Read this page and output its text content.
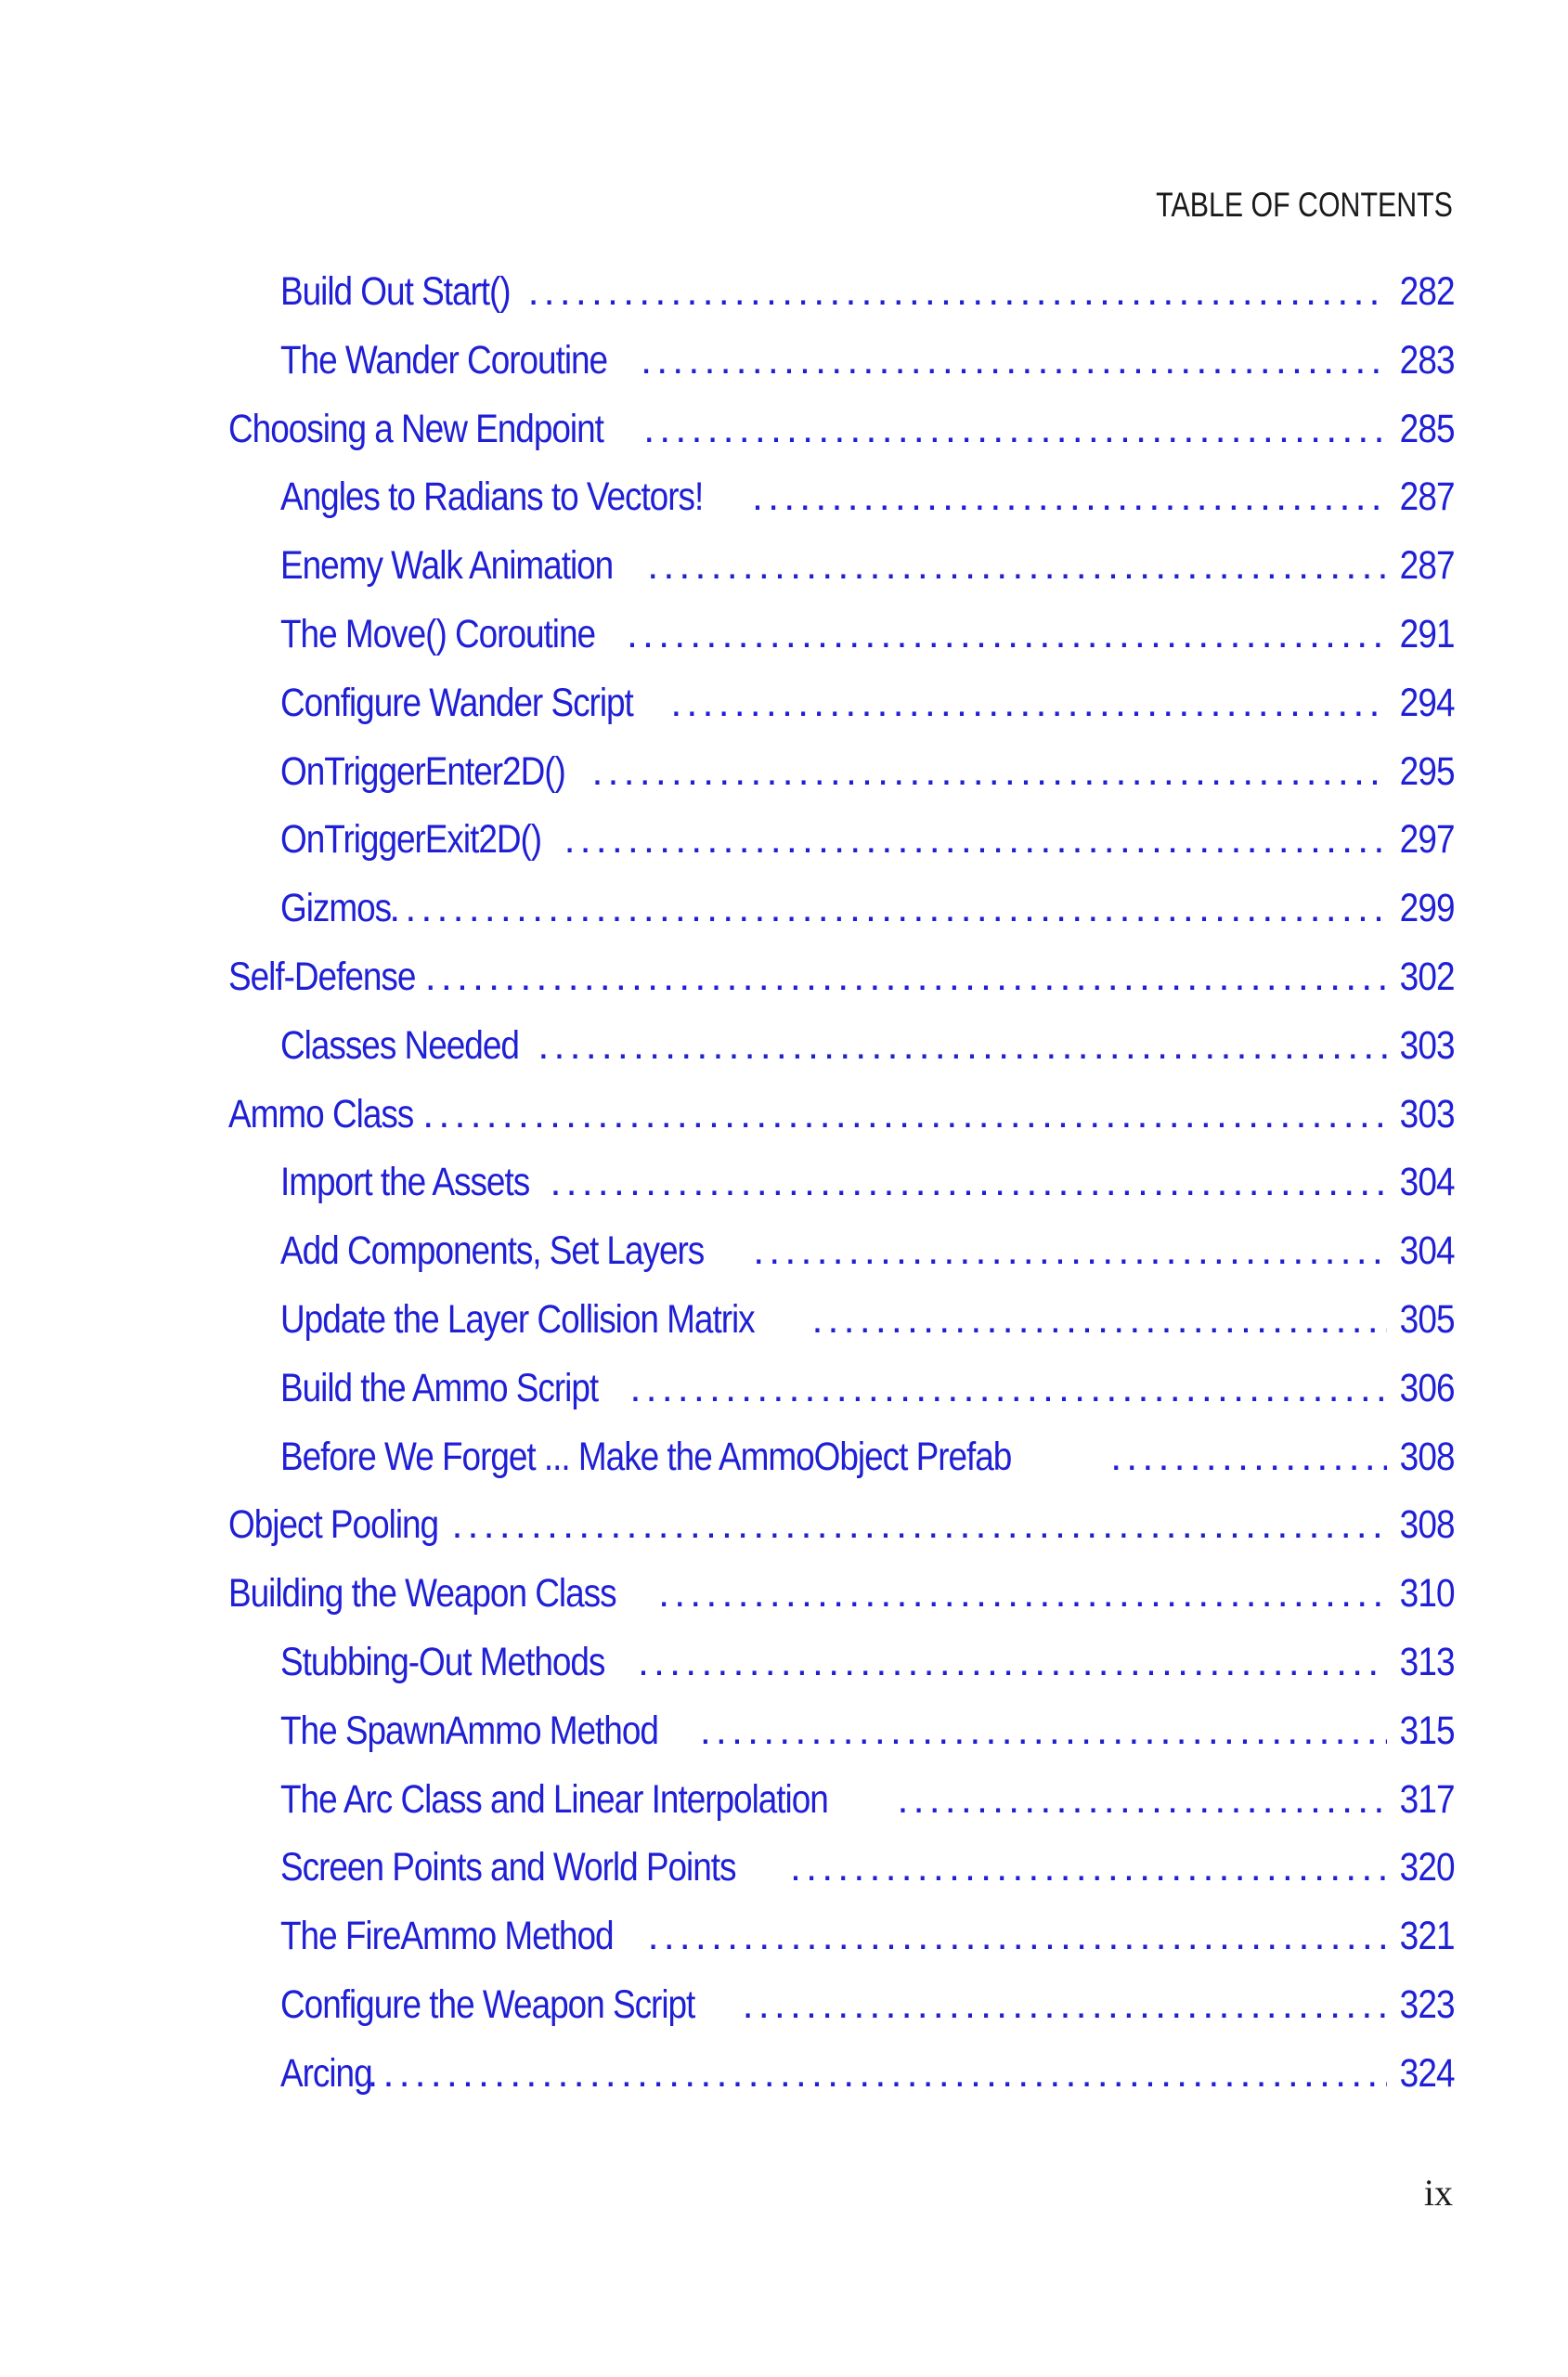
TABLE OF CONTENTS
Build Out Start() . . .	282
The Wander Coroutine . . .	283
Choosing a New Endpoint . . .	285
Angles to Radians to Vectors! . . .	287
Enemy Walk Animation . . .	287
The Move() Coroutine . . .	291
Configure Wander Script . . .	294
OnTriggerEnter2D() . . .	295
OnTriggerExit2D() . . .	297
Gizmos . . .	299
Self-Defense . . .	302
Classes Needed . . .	303
Ammo Class . . .	303
Import the Assets . . .	304
Add Components, Set Layers . . .	304
Update the Layer Collision Matrix . . .	305
Build the Ammo Script . . .	306
Before We Forget ... Make the AmmoObject Prefab . . .	308
Object Pooling . . .	308
Building the Weapon Class . . .	310
Stubbing-Out Methods . . .	313
The SpawnAmmo Method . . .	315
The Arc Class and Linear Interpolation . . .	317
Screen Points and World Points . . .	320
The FireAmmo Method . . .	321
Configure the Weapon Script . . .	323
Arcing . . .	324
ix
